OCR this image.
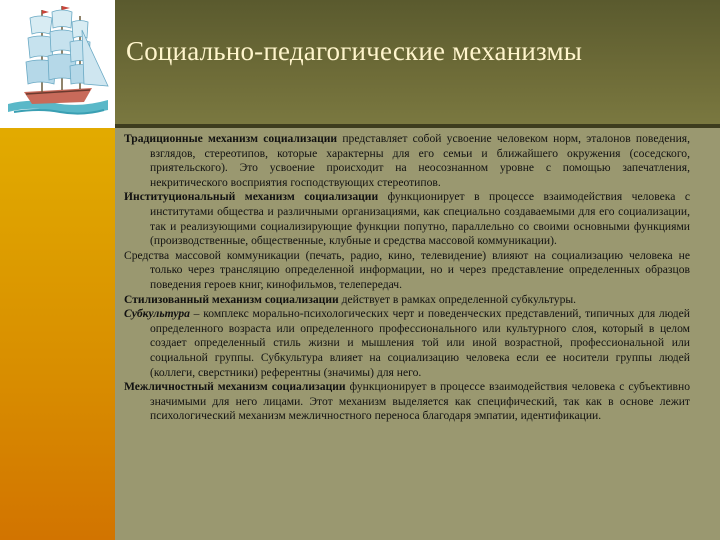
Социально-педагогические механизмы

Традиционные механизм социализации представляет собой усвоение человеком норм, эталонов поведения, взглядов, стереотипов, которые характерны для его семьи и ближайшего окружения (соседского, приятельского). Это усвоение происходит на неосознанном уровне с помощью запечатления, некритического восприятия господствующих стереотипов.

Институциональный механизм социализации функционирует в процессе взаимодействия человека с институтами общества и различными организациями, как специально создаваемыми для его социализации, так и реализующими социализирующие функции попутно, параллельно со своими основными функциями (производственные, общественные, клубные и средства массовой коммуникации).

Средства массовой коммуникации (печать, радио, кино, телевидение) влияют на социализацию человека не только через трансляцию определенной информации, но и через представление определенных образцов поведения героев книг, кинофильмов, телепередач.

Стилизованный механизм социализации действует в рамках определенной субкультуры.

Субкультура – комплекс морально-психологических черт и поведенческих представлений, типичных для людей определенного возраста или определенного профессионального или культурного слоя, который в целом создает определенный стиль жизни и мышления той или иной возрастной, профессиональной или социальной группы. Субкультура влияет на социализацию человека если ее носители группы людей (коллеги, сверстники) референтны (значимы) для него.

Межличностный механизм социализации функционирует в процессе взаимодействия человека с субъективно значимыми для него лицами. Этот механизм выделяется как специфический, так как в основе лежит психологический механизм межличностного переноса благодаря эмпатии, идентификации.
